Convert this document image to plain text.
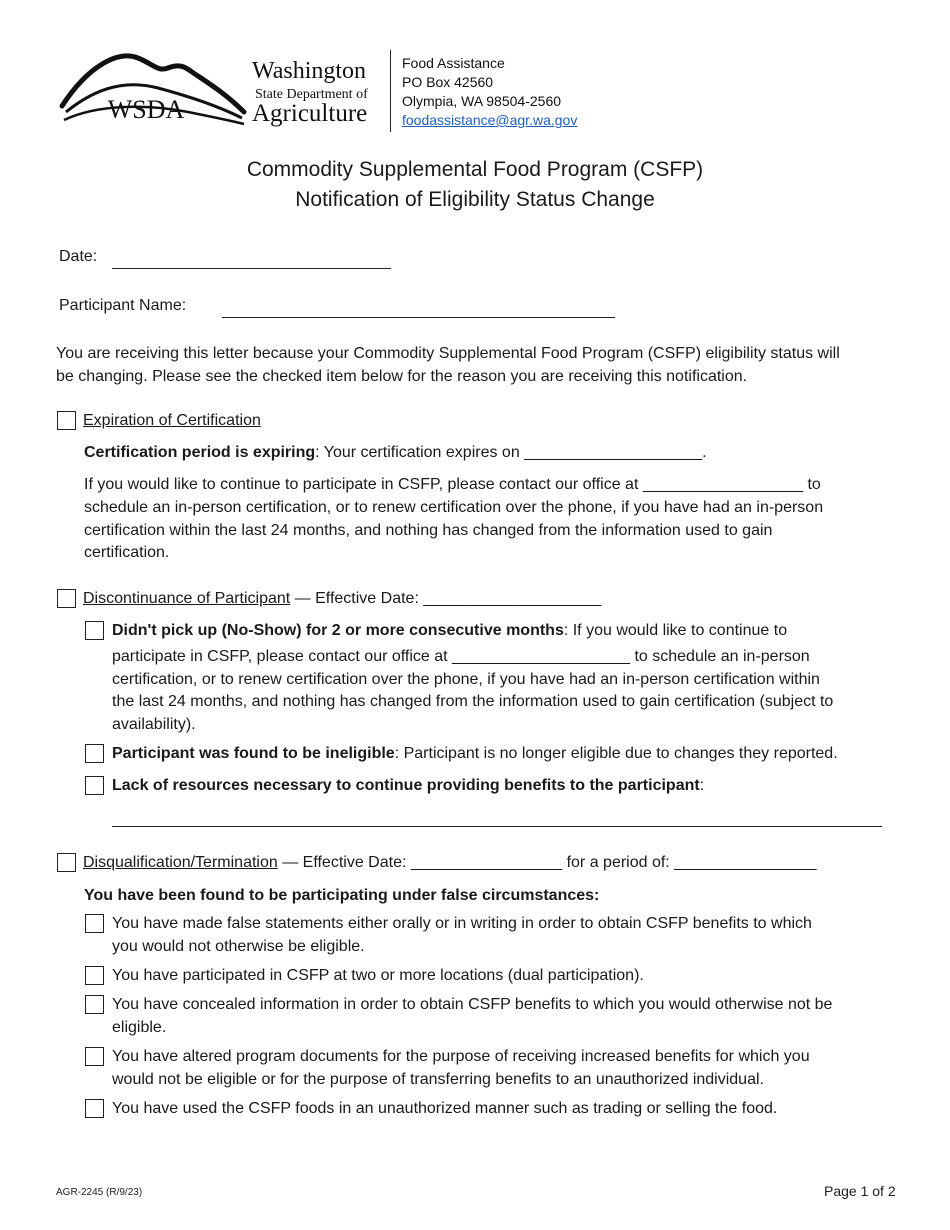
WSDA
Washington
State Department of
Agriculture
Food Assistance
PO Box 42560
Olympia, WA 98504-2560
foodassistance@agr.wa.gov
Commodity Supplemental Food Program (CSFP)
Notification of Eligibility Status Change
Date:
Participant Name:
You are receiving this letter because your Commodity Supplemental Food Program (CSFP) eligibility status will
be changing. Please see the checked item below for the reason you are receiving this notification.
Expiration of Certification
Certification period is expiring: Your certification expires on ____________________.
If you would like to continue to participate in CSFP, please contact our office at __________________ to
schedule an in-person certification, or to renew certification over the phone, if you have had an in-person
certification within the last 24 months, and nothing has changed from the information used to gain
certification.
Discontinuance of Participant — Effective Date: ____________________
Didn't pick up (No-Show) for 2 or more consecutive months: If you would like to continue to
participate in CSFP, please contact our office at ____________________ to schedule an in-person
certification, or to renew certification over the phone, if you have had an in-person certification within
the last 24 months, and nothing has changed from the information used to gain certification (subject to
availability).
Participant was found to be ineligible: Participant is no longer eligible due to changes they reported.
Lack of resources necessary to continue providing benefits to the participant:
Disqualification/Termination — Effective Date: _________________ for a period of: ________________
You have been found to be participating under false circumstances:
You have made false statements either orally or in writing in order to obtain CSFP benefits to which
you would not otherwise be eligible.
You have participated in CSFP at two or more locations (dual participation).
You have concealed information in order to obtain CSFP benefits to which you would otherwise not be
eligible.
You have altered program documents for the purpose of receiving increased benefits for which you
would not be eligible or for the purpose of transferring benefits to an unauthorized individual.
You have used the CSFP foods in an unauthorized manner such as trading or selling the food.
AGR-2245 (R/9/23)	Page 1 of 2
